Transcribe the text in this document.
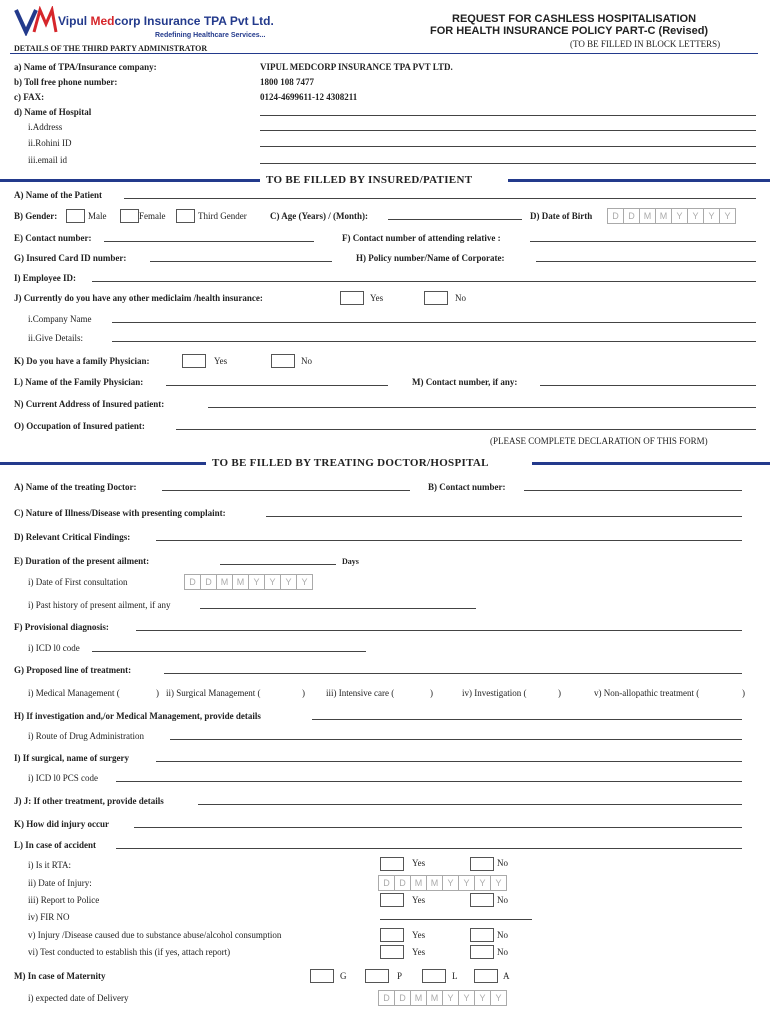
Vipul Medcorp Insurance TPA Pvt Ltd.
Redefining Healthcare Services...
REQUEST FOR CASHLESS HOSPITALISATION
FOR HEALTH INSURANCE POLICY PART-C (Revised)
(TO BE FILLED IN BLOCK LETTERS)
DETAILS OF THE THIRD PARTY ADMINISTRATOR
a) Name of TPA/Insurance company:	VIPUL MEDCORP INSURANCE TPA PVT LTD.
b) Toll free phone number:	1800 108 7477
c) FAX:	0124-4699611-12 4308211
d) Name of Hospital
i.Address
ii.Rohini ID
iii.email id
TO BE FILLED BY INSURED/PATIENT
A) Name of the Patient
B) Gender:	Male	Female	Third Gender	C) Age (Years) / (Month):	D) Date of Birth	D	D	M M	Y	Y	Y	Y
E) Contact number:	F) Contact number of attending relative :
G) Insured Card ID number:	H) Policy number/Name of Corporate:
I) Employee ID:
J) Currently do you have any other mediclaim /health insurance:	Yes	No
i.Company Name
ii.Give Details:
K) Do you have a family Physician:	Yes	No
L) Name of the Family Physician:	M) Contact number, if any:
N) Current Address of Insured patient:
O) Occupation of Insured patient:
(PLEASE COMPLETE DECLARATION OF THIS FORM)
TO BE FILLED BY TREATING DOCTOR/HOSPITAL
A) Name of the treating Doctor:	B) Contact number:
C) Nature of Illness/Disease with presenting complaint:
D) Relevant Critical Findings:
E) Duration of the present ailment:	Days
i) Date of First consultation	D	D	M M	Y	Y	Y	Y
i) Past history of present ailment, if any
F) Provisional diagnosis:
i) ICD l0 code
G) Proposed line of treatment:
i) Medical Management (	) ii) Surgical Management (	) iii) Intensive care (	)	iv) Investigation (	)	v) Non-allopathic treatment (	)
H) If investigation and,/or Medical Management, provide details
i) Route of Drug Administration
I) If surgical, name of surgery
i) ICD l0 PCS code
J) J: If other treatment, provide details
K) How did injury occur
L) In case of accident
i) Is it RTA:	Yes	No
ii) Date of Injury:	D	D	M M	Y	Y	Y	Y
iii) Report to Police	Yes	No
iv) FIR NO
v) Injury /Disease caused due to substance abuse/alcohol consumption	Yes	No
vi) Test conducted to establish this (if yes, attach report)	Yes	No
M) In case of Maternity	G	P	L	A
i) expected date of Delivery	D	D	M M	Y	Y	Y	Y
